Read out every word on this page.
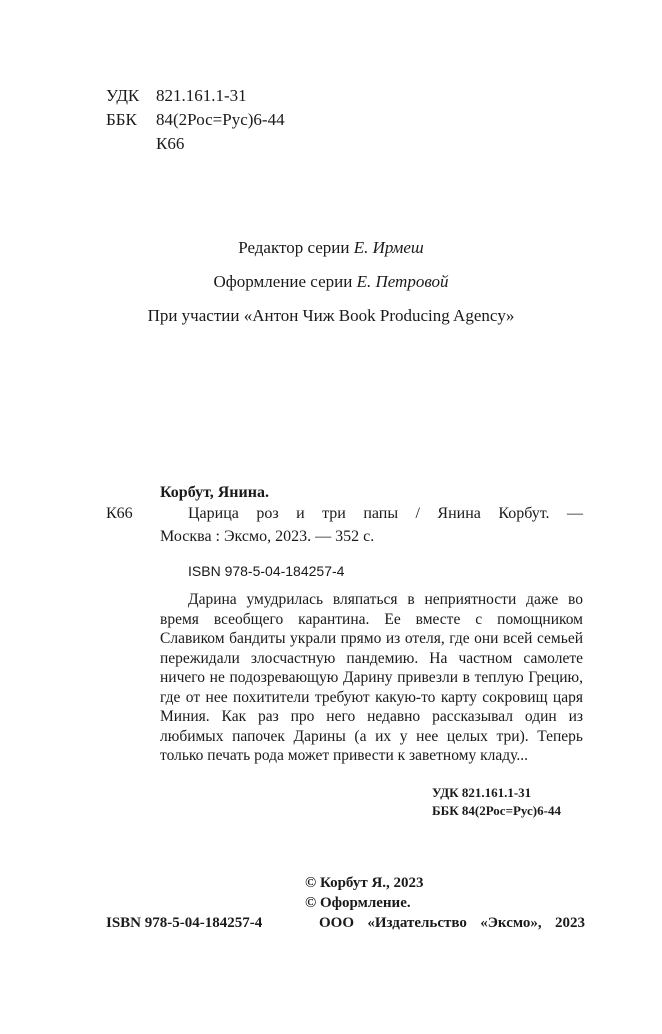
УДК 821.161.1-31
ББК 84(2Рос=Рус)6-44
К66
Редактор серии Е. Ирмеш
Оформление серии Е. Петровой
При участии «Антон Чиж Book Producing Agency»
Корбут, Янина.
К66	Царица роз и три папы / Янина Корбут. —
Москва : Эксмо, 2023. — 352 с.
ISBN 978-5-04-184257-4

Дарина умудрилась вляпаться в неприятности даже во время всеобщего карантина. Ее вместе с помощником Славиком бандиты украли прямо из отеля, где они всей семьей пережидали злосчастную пандемию. На частном самолете ничего не подозревающую Дарину привезли в теплую Грецию, где от нее похитители требуют какую-то карту сокровищ царя Миния. Как раз про него недавно рассказывал один из любимых папочек Дарины (а их у нее целых три). Теперь только печать рода может привести к заветному кладу...

УДК 821.161.1-31
ББК 84(2Рос=Рус)6-44
© Корбут Я., 2023
© Оформление.
ISBN 978-5-04-184257-4	ООО «Издательство «Эксмо», 2023
